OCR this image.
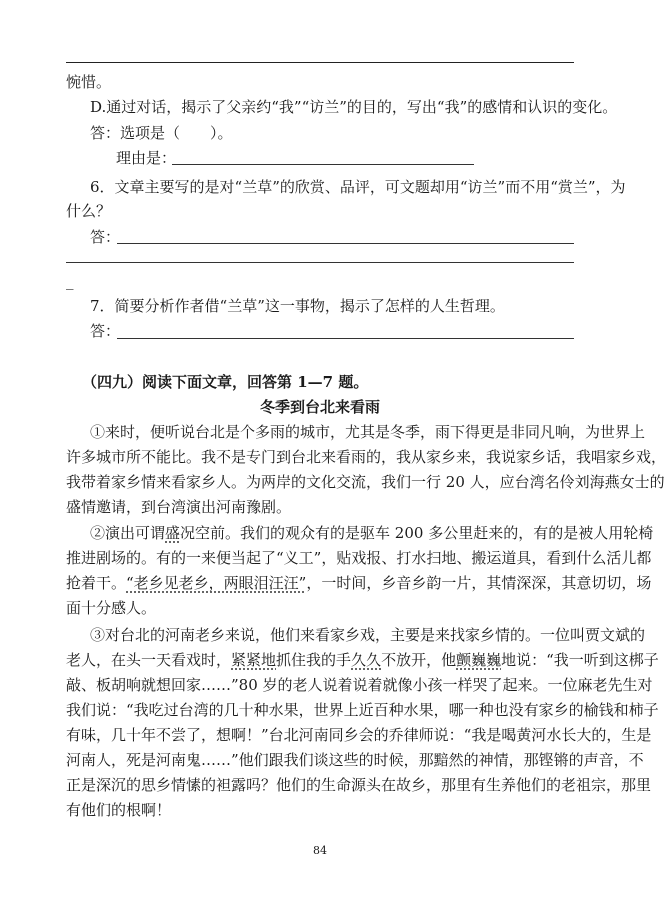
惋惜。
D.通过对话，揭示了父亲约“我”“访兰”的目的，写出“我”的感情和认识的变化。
答：选项是（　　）。
理由是：
6．文章主要写的是对“兰草”的欣赏、品评，可文题却用“访兰”而不用“赏兰”，为
什么？
答：
_
7．简要分析作者借“兰草”这一事物，揭示了怎样的人生哲理。
答：
（四九）阅读下面文章，回答第 1—7 题。
冬季到台北来看雨
①来时，便听说台北是个多雨的城市，尤其是冬季，雨下得更是非同凡响，为世界上
许多城市所不能比。我不是专门到台北来看雨的，我从家乡来，我说家乡话，我唱家乡戏，
我带着家乡情来看家乡人。为两岸的文化交流，我们一行 20 人，应台湾名伶刘海燕女士的
盛情邀请，到台湾演出河南豫剧。
②演出可谓盛况空前。我们的观众有的是驱车 200 多公里赶来的，有的是被人用轮椅
推进剧场的。有的一来便当起了“义工”，贴戏报、打水扫地、搬运道具，看到什么活儿都
抢着干。“老乡见老乡，两眼泪汪汪”，一时间，乡音乡韵一片，其情深深，其意切切，场
面十分感人。
③对台北的河南老乡来说，他们来看家乡戏，主要是来找家乡情的。一位叫贾文斌的
老人，在头一天看戏时，紧紧地抓住我的手久久不放开，他颤巍巍地说：“我一听到这梆子
敲、板胡响就想回家……”80 岁的老人说着说着就像小孩一样哭了起来。一位麻老先生对
我们说：“我吃过台湾的几十种水果，世界上近百种水果，哪一种也没有家乡的榆钱和柿子
有味，几十年不尝了，想啊！”台北河南同乡会的乔律师说：“我是喝黄河水长大的，生是
河南人，死是河南鬼……”他们跟我们谈这些的时候，那黯然的神情，那铿锵的声音，不
正是深沉的思乡情愫的袒露吗？他们的生命源头在故乡，那里有生养他们的老祖宗，那里
有他们的根啊！
84
